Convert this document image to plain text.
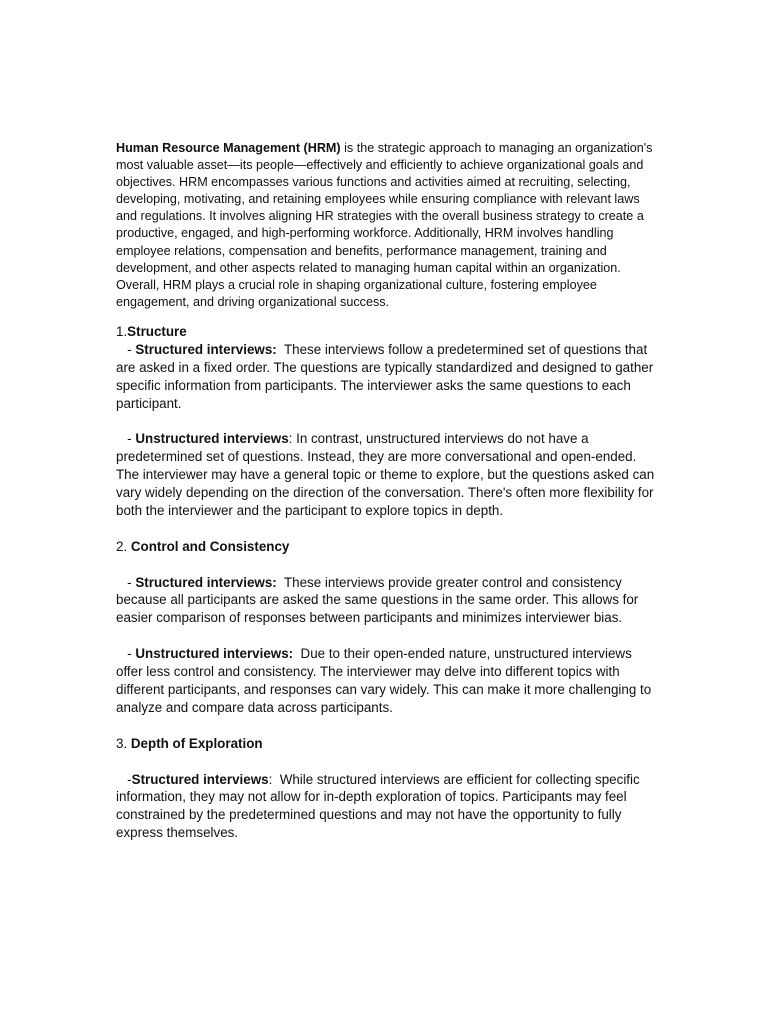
Human Resource Management (HRM) is the strategic approach to managing an organization's most valuable asset—its people—effectively and efficiently to achieve organizational goals and objectives. HRM encompasses various functions and activities aimed at recruiting, selecting, developing, motivating, and retaining employees while ensuring compliance with relevant laws and regulations. It involves aligning HR strategies with the overall business strategy to create a productive, engaged, and high-performing workforce. Additionally, HRM involves handling employee relations, compensation and benefits, performance management, training and development, and other aspects related to managing human capital within an organization. Overall, HRM plays a crucial role in shaping organizational culture, fostering employee engagement, and driving organizational success.

1.Structure

- Structured interviews:  These interviews follow a predetermined set of questions that are asked in a fixed order. The questions are typically standardized and designed to gather specific information from participants. The interviewer asks the same questions to each participant.

- Unstructured interviews: In contrast, unstructured interviews do not have a predetermined set of questions. Instead, they are more conversational and open-ended. The interviewer may have a general topic or theme to explore, but the questions asked can vary widely depending on the direction of the conversation. There's often more flexibility for both the interviewer and the participant to explore topics in depth.

2. Control and Consistency

- Structured interviews:  These interviews provide greater control and consistency because all participants are asked the same questions in the same order. This allows for easier comparison of responses between participants and minimizes interviewer bias.

- Unstructured interviews:  Due to their open-ended nature, unstructured interviews offer less control and consistency. The interviewer may delve into different topics with different participants, and responses can vary widely. This can make it more challenging to analyze and compare data across participants.

3. Depth of Exploration

-Structured interviews:  While structured interviews are efficient for collecting specific information, they may not allow for in-depth exploration of topics. Participants may feel constrained by the predetermined questions and may not have the opportunity to fully express themselves.
